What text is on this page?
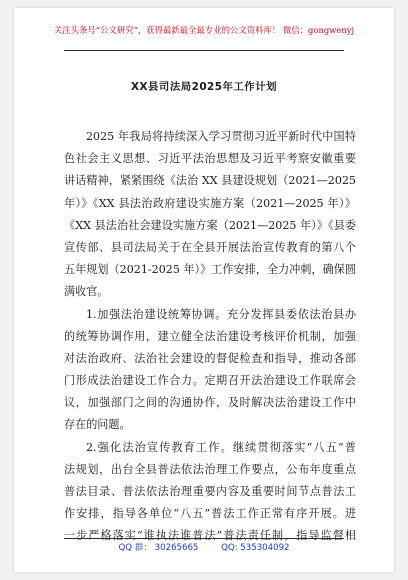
关注头条号“公文研究”，获得最新最全最专业的公文资料库！ 微信：gongwenyj
XX县司法局2025年工作计划
2025 年我局将持续深入学习贯彻习近平新时代中国特
色社会主义思想、习近平法治思想及习近平考察安徽重要
讲话精神，紧紧围绕《法治 XX 县建设规划（2021—2025
年）》《XX 县法治政府建设实施方案（2021—2025 年）》
《XX 县法治社会建设实施方案（2021—2025 年）》《县委
宣传部、县司法局关于在全县开展法治宣传教育的第八个
五年规划（2021-2025 年）》工作安排，全力冲刺，确保圆
满收官。
1.加强法治建设统筹协调。充分发挥县委依法治县办
的统筹协调作用，建立健全法治建设考核评价机制，加强
对法治政府、法治社会建设的督促检查和指导，推动各部
门形成法治建设工作合力。定期召开法治建设工作联席会
议，加强部门之间的沟通协作，及时解决法治建设工作中
存在的问题。
2.强化法治宣传教育工作。继续贯彻落实“八五”普
法规划，出台全县普法依法治理工作要点，公布年度重点
普法目录、普法依法治理重要内容及重要时间节点普法工
作安排，指导各单位“八五”普法工作正常有序开展。进
一步严格落实“谁执法谁普法”普法责任制，指导监督相
QQ 群： 30265665	QQ: 535304092
